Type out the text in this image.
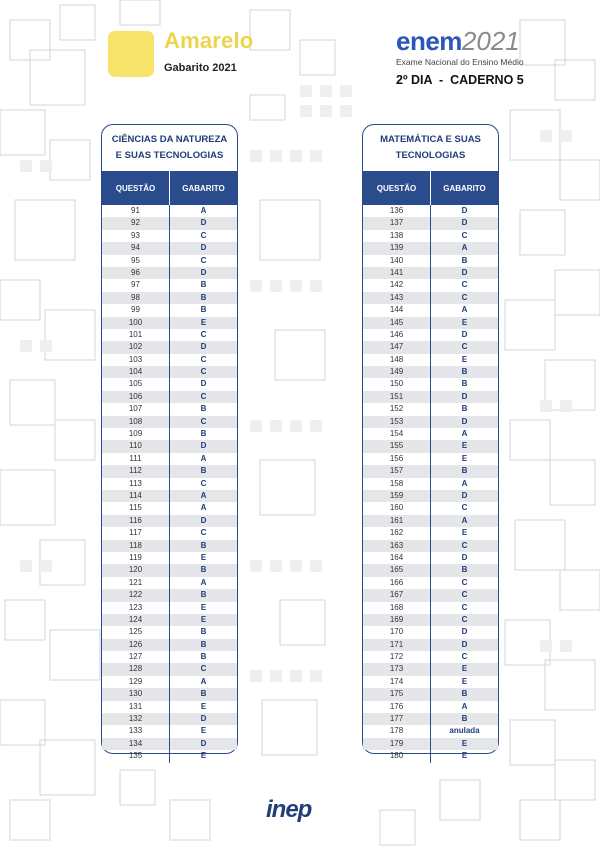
Amarelo
Gabarito 2021
enem2021
Exame Nacional do Ensino Médio
2º DIA  -  CADERNO 5
CIÊNCIAS DA NATUREZA
E SUAS TECNOLOGIAS
QUESTÃO	GABARITO
91	A
92	D
93	C
94	D
95	C
96	D
97	B
98	B
99	B
100	E
101	C
102	D
103	C
104	C
105	D
106	C
107	B
108	C
109	B
110	D
111	A
112	B
113	C
114	A
115	A
116	D
117	C
118	B
119	E
120	B
121	A
122	B
123	E
124	E
125	B
126	B
127	B
128	C
129	A
130	B
131	E
132	D
133	E
134	D
135	E
MATEMÁTICA E SUAS
TECNOLOGIAS
QUESTÃO	GABARITO
136	D
137	D
138	C
139	A
140	B
141	D
142	C
143	C
144	A
145	E
146	D
147	C
148	E
149	B
150	B
151	D
152	B
153	D
154	A
155	E
156	E
157	B
158	A
159	D
160	C
161	A
162	E
163	C
164	D
165	B
166	C
167	C
168	C
169	C
170	D
171	D
172	C
173	E
174	E
175	B
176	A
177	B
178	anulada
179	E
180	E
inep
